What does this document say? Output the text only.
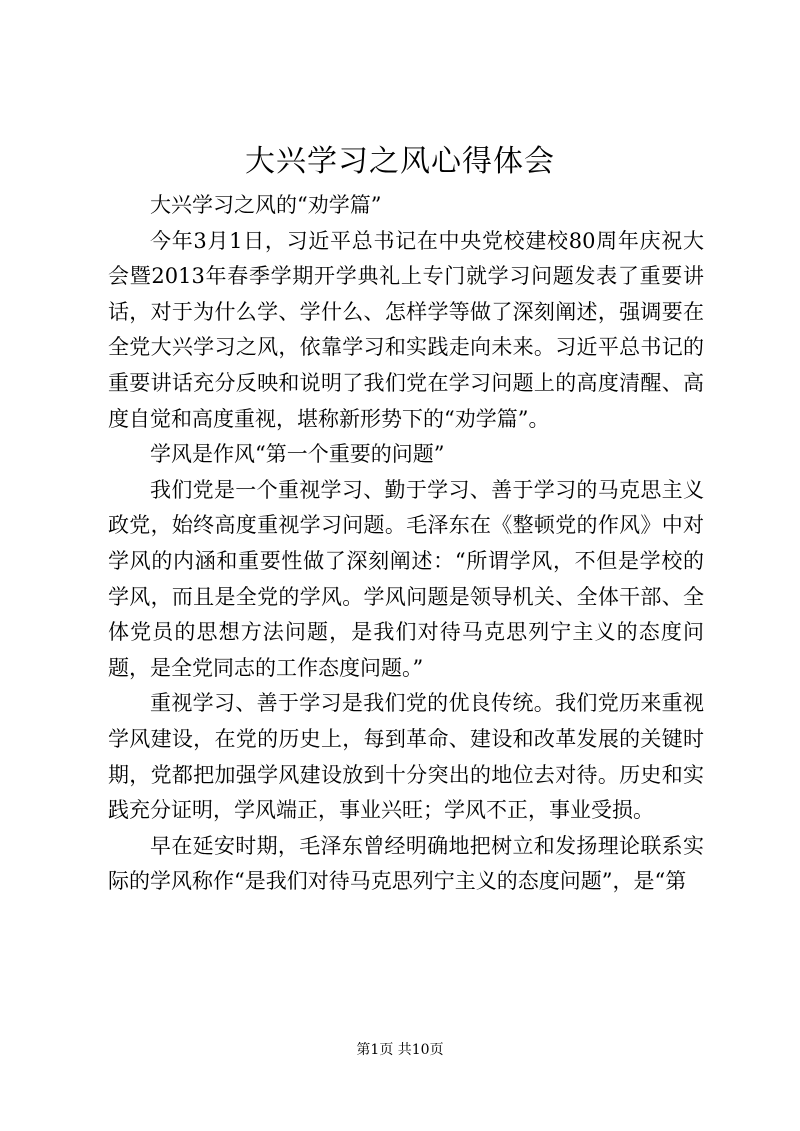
大兴学习之风心得体会

大兴学习之风的“劝学篇”

今年3月1日，习近平总书记在中央党校建校80周年庆祝大会暨2013年春季学期开学典礼上专门就学习问题发表了重要讲话，对于为什么学、学什么、怎样学等做了深刻阐述，强调要在全党大兴学习之风，依靠学习和实践走向未来。习近平总书记的重要讲话充分反映和说明了我们党在学习问题上的高度清醒、高度自觉和高度重视，堪称新形势下的“劝学篇”。

学风是作风“第一个重要的问题”

我们党是一个重视学习、勤于学习、善于学习的马克思主义政党，始终高度重视学习问题。毛泽东在《整顿党的作风》中对学风的内涵和重要性做了深刻阐述：“所谓学风，不但是学校的学风，而且是全党的学风。学风问题是领导机关、全体干部、全体党员的思想方法问题，是我们对待马克思列宁主义的态度问题，是全党同志的工作态度问题。”

重视学习、善于学习是我们党的优良传统。我们党历来重视学风建设，在党的历史上，每到革命、建设和改革发展的关键时期，党都把加强学风建设放到十分突出的地位去对待。历史和实践充分证明，学风端正，事业兴旺；学风不正，事业受损。

早在延安时期，毛泽东曾经明确地把树立和发扬理论联系实际的学风称作“是我们对待马克思列宁主义的态度问题”，是“第

第1页 共10页
